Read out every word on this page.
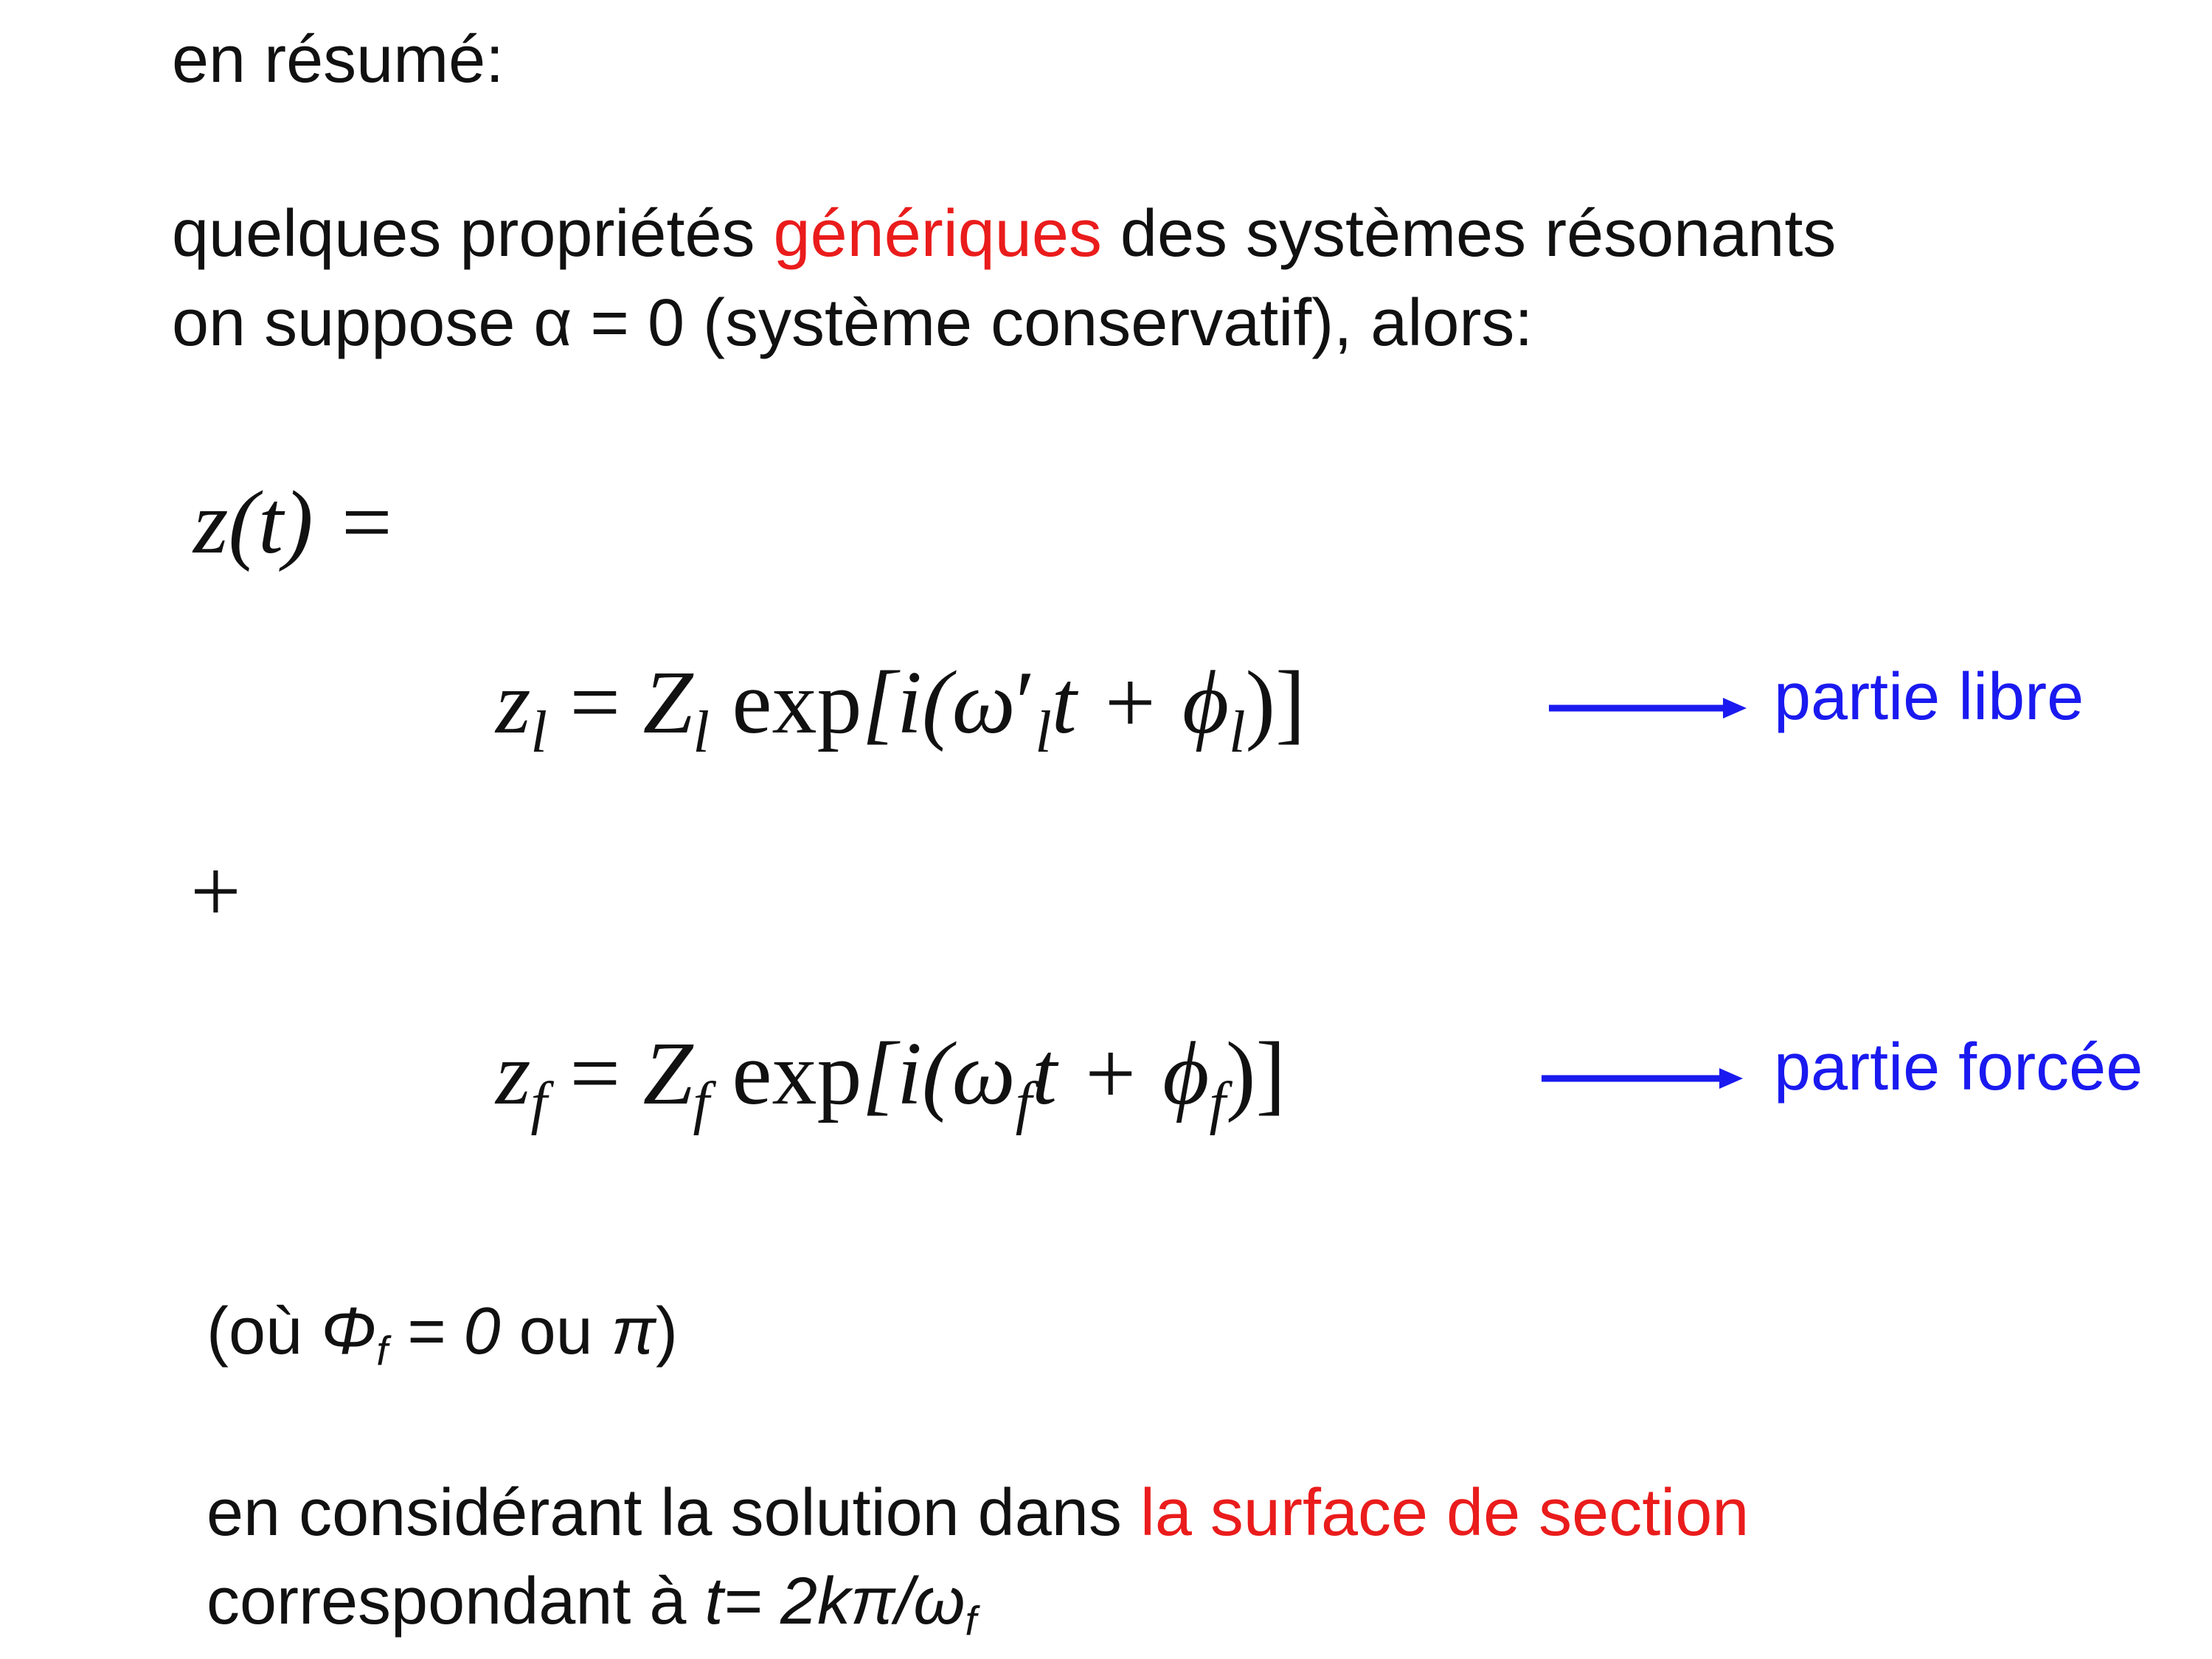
en résumé:
quelques propriétés génériques des systèmes résonants
on suppose α = 0 (système conservatif), alors:
z(t) =
$z_l = Z_l$ $\exp[i(\omega'_lt + \phi_l)]$	partie libre
+
$z_f = Z_f$ $\exp[i(\omega_ft + \phi_f)]$	partie forcée
(où $\Phi_f = 0$ ou π)
en considérant la solution dans la surface de section
correspondant à $t= 2k\pi/\omega_f$
